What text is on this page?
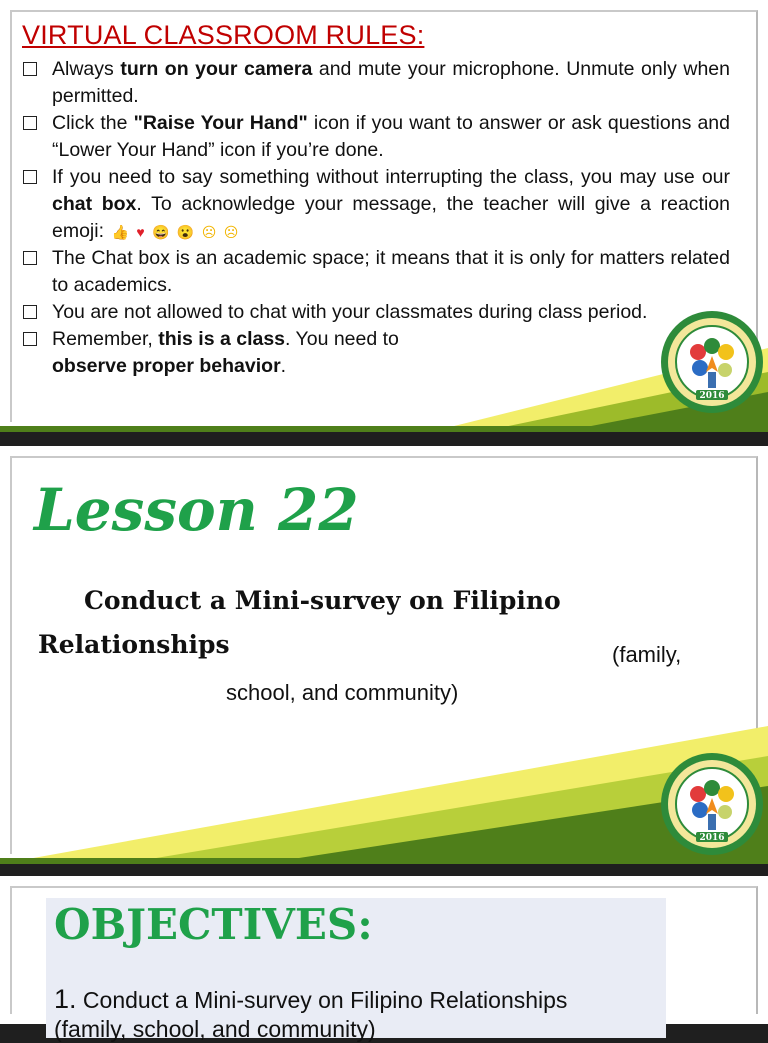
VIRTUAL CLASSROOM RULES:
Always turn on your camera and mute your microphone. Unmute only when permitted.
Click the "Raise Your Hand" icon if you want to answer or ask questions and “Lower Your Hand” icon if you’re done.
If you need to say something without interrupting the class, you may use our chat box. To acknowledge your message, the teacher will give a reaction emoji: 👍 ♥ 😄 😮 ☹ ☹
The Chat box is an academic space; it means that it is only for matters related to academics.
You are not allowed to chat with your classmates during class period.
Remember, this is a class. You need to
observe proper behavior.
2016
Lesson 22
Conduct a Mini-survey on Filipino
Relationships	(family,
school, and community)
2016
OBJECTIVES:
1. Conduct a Mini-survey on Filipino Relationships
(family, school, and community)
